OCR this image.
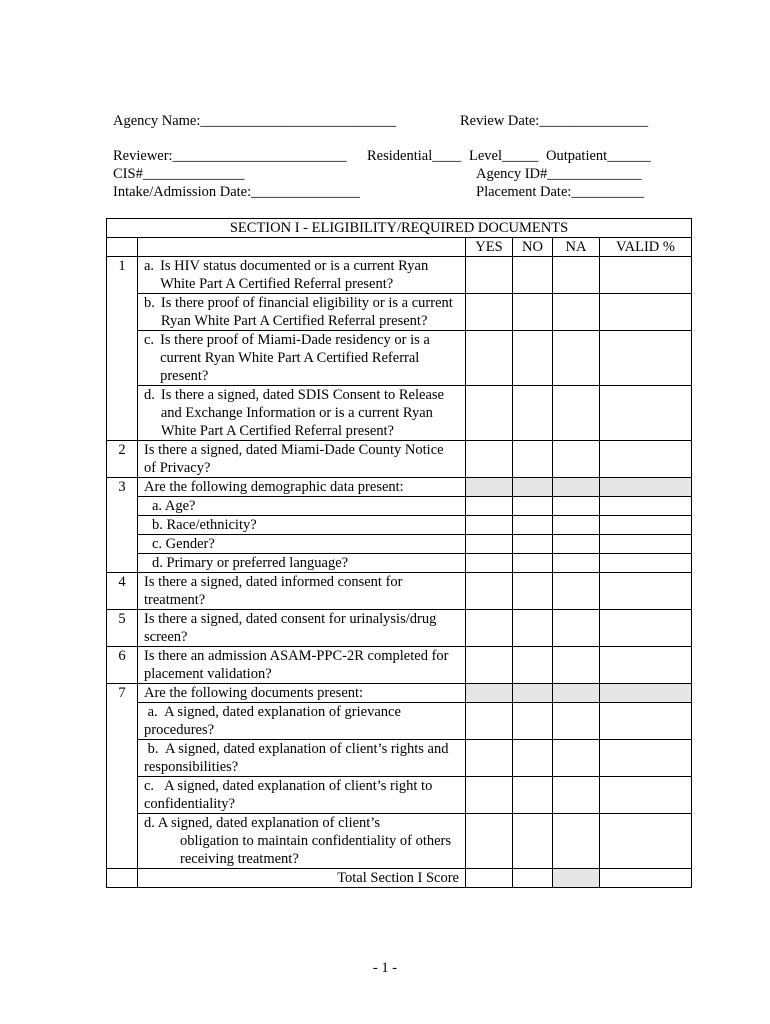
Agency Name:___________________________	Review Date:_______________
Reviewer:________________________ Residential____ Level_____ Outpatient______
CIS#______________	Agency ID#_____________
Intake/Admission Date:_______________	Placement Date:__________
SECTION I - ELIGIBILITY/REQUIRED DOCUMENTS					
		YES	NO	NA	VALID %
1	a. Is HIV status documented or is a current Ryan White Part A Certified Referral present?				

	b. Is there proof of financial eligibility or is a current Ryan White Part A Certified Referral present?				

	c. Is there proof of Miami-Dade residency or is a current Ryan White Part A Certified Referral present?				

	d. Is there a signed, dated SDIS Consent to Release and Exchange Information or is a current Ryan White Part A Certified Referral present?				

2	Is there a signed, dated Miami-Dade County Notice of Privacy?				
3	Are the following demographic data present:				
	a. Age?				
	b. Race/ethnicity?				
	c. Gender?				
	d. Primary or preferred language?				
4	Is there a signed, dated informed consent for treatment?				
5	Is there a signed, dated consent for urinalysis/drug screen?				
6	Is there an admission ASAM-PPC-2R completed for placement validation?				
7	Are the following documents present:				
	a.  A signed, dated explanation of grievance procedures?				
	b.  A signed, dated explanation of client’s rights and responsibilities?				
	c.   A signed, dated explanation of client’s right to confidentiality?				

	d. A signed, dated explanation of client’s
obligation to maintain confidentiality of others receiving treatment?				

	Total Section I Score				
- 1 -
